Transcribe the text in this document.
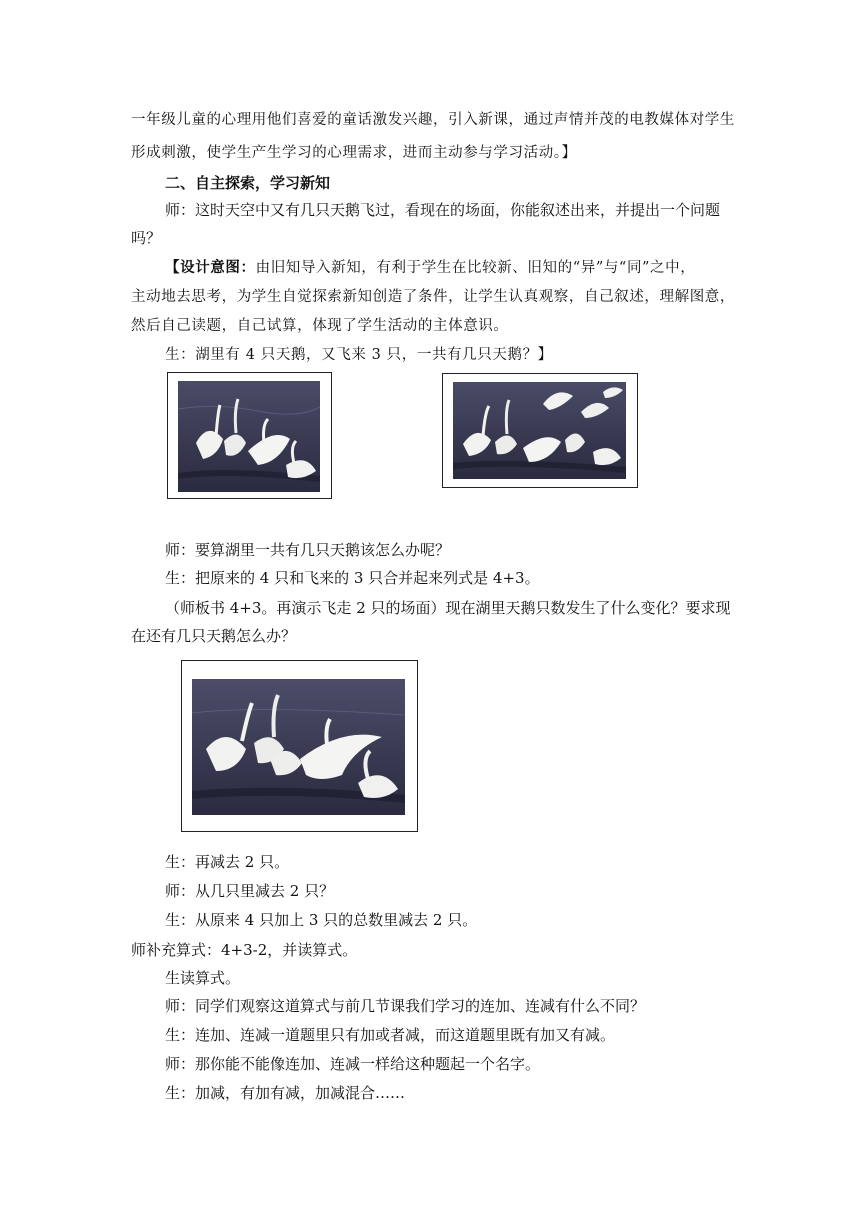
一年级儿童的心理用他们喜爱的童话激发兴趣，引入新课，通过声情并茂的电教媒体对学生
形成刺激，使学生产生学习的心理需求，进而主动参与学习活动。】
二、自主探索，学习新知
师：这时天空中又有几只天鹅飞过，看现在的场面，你能叙述出来，并提出一个问题
吗？
【设计意图：由旧知导入新知，有利于学生在比较新、旧知的“异”与“同”之中，
主动地去思考，为学生自觉探索新知创造了条件，让学生认真观察，自己叙述，理解图意，
然后自己读题，自己试算，体现了学生活动的主体意识。
生：湖里有 4 只天鹅，又飞来 3 只，一共有几只天鹅？】
师：要算湖里一共有几只天鹅该怎么办呢？
生：把原来的 4 只和飞来的 3 只合并起来列式是 4+3。
（师板书 4+3。再演示飞走 2 只的场面）现在湖里天鹅只数发生了什么变化？要求现
在还有几只天鹅怎么办？
生：再减去 2 只。
师：从几只里减去 2 只？
生：从原来 4 只加上 3 只的总数里减去 2 只。
师补充算式：4+3-2，并读算式。
生读算式。
师：同学们观察这道算式与前几节课我们学习的连加、连减有什么不同？
生：连加、连减一道题里只有加或者减，而这道题里既有加又有减。
师：那你能不能像连加、连减一样给这种题起一个名字。
生：加减，有加有减，加减混合……
